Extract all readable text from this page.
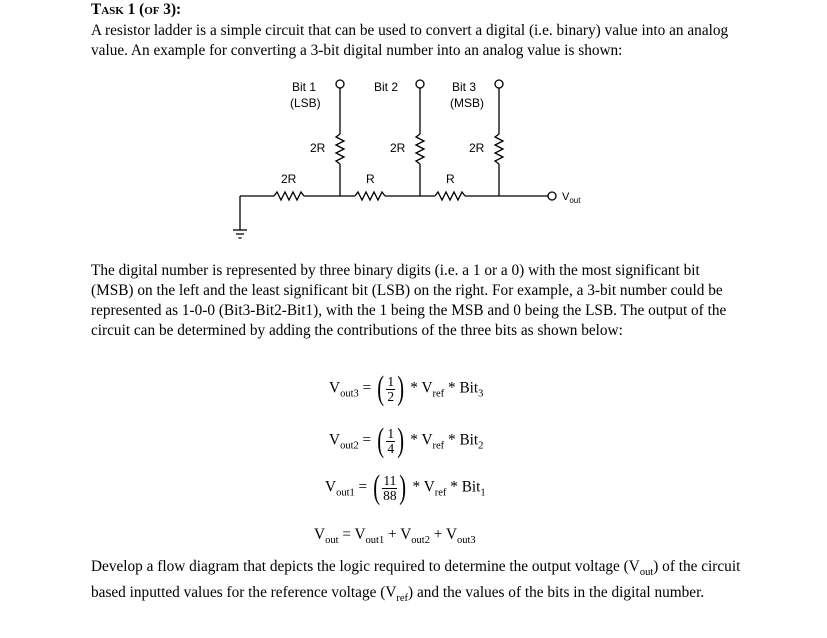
Task 1 (of 3):
A resistor ladder is a simple circuit that can be used to convert a digital (i.e. binary) value into an analog value. An example for converting a 3-bit digital number into an analog value is shown:
Bit 1
(LSB)
Bit 2	Bit 3
(MSB)
2R	2R	2R
2R	R	R
$V_{out}$
The digital number is represented by three binary digits (i.e. a 1 or a 0) with the most significant bit (MSB) on the left and the least significant bit (LSB) on the right. For example, a 3-bit number could be represented as 1-0-0 (Bit3-Bit2-Bit1), with the 1 being the MSB and 0 being the LSB. The output of the circuit can be determined by adding the contributions of the three bits as shown below:
$V_{out3}$ = ( $\frac{1}{2}$ ) * $V_{ref} * Bit_3$
$V_{out2}$ = ( $\frac{1}{4}$ ) * $V_{ref} * Bit_2$
$V_{out1}$ = ( $\frac{11}{88}$ ) * $V_{ref} * Bit_1$
$V_{out} = V_{out1} + V_{out2} + V_{out3}$
Develop a flow diagram that depicts the logic required to determine the output voltage $(V_{out})$ of the circuit based inputted values for the reference voltage $(V_{ref})$ and the values of the bits in the digital number.
